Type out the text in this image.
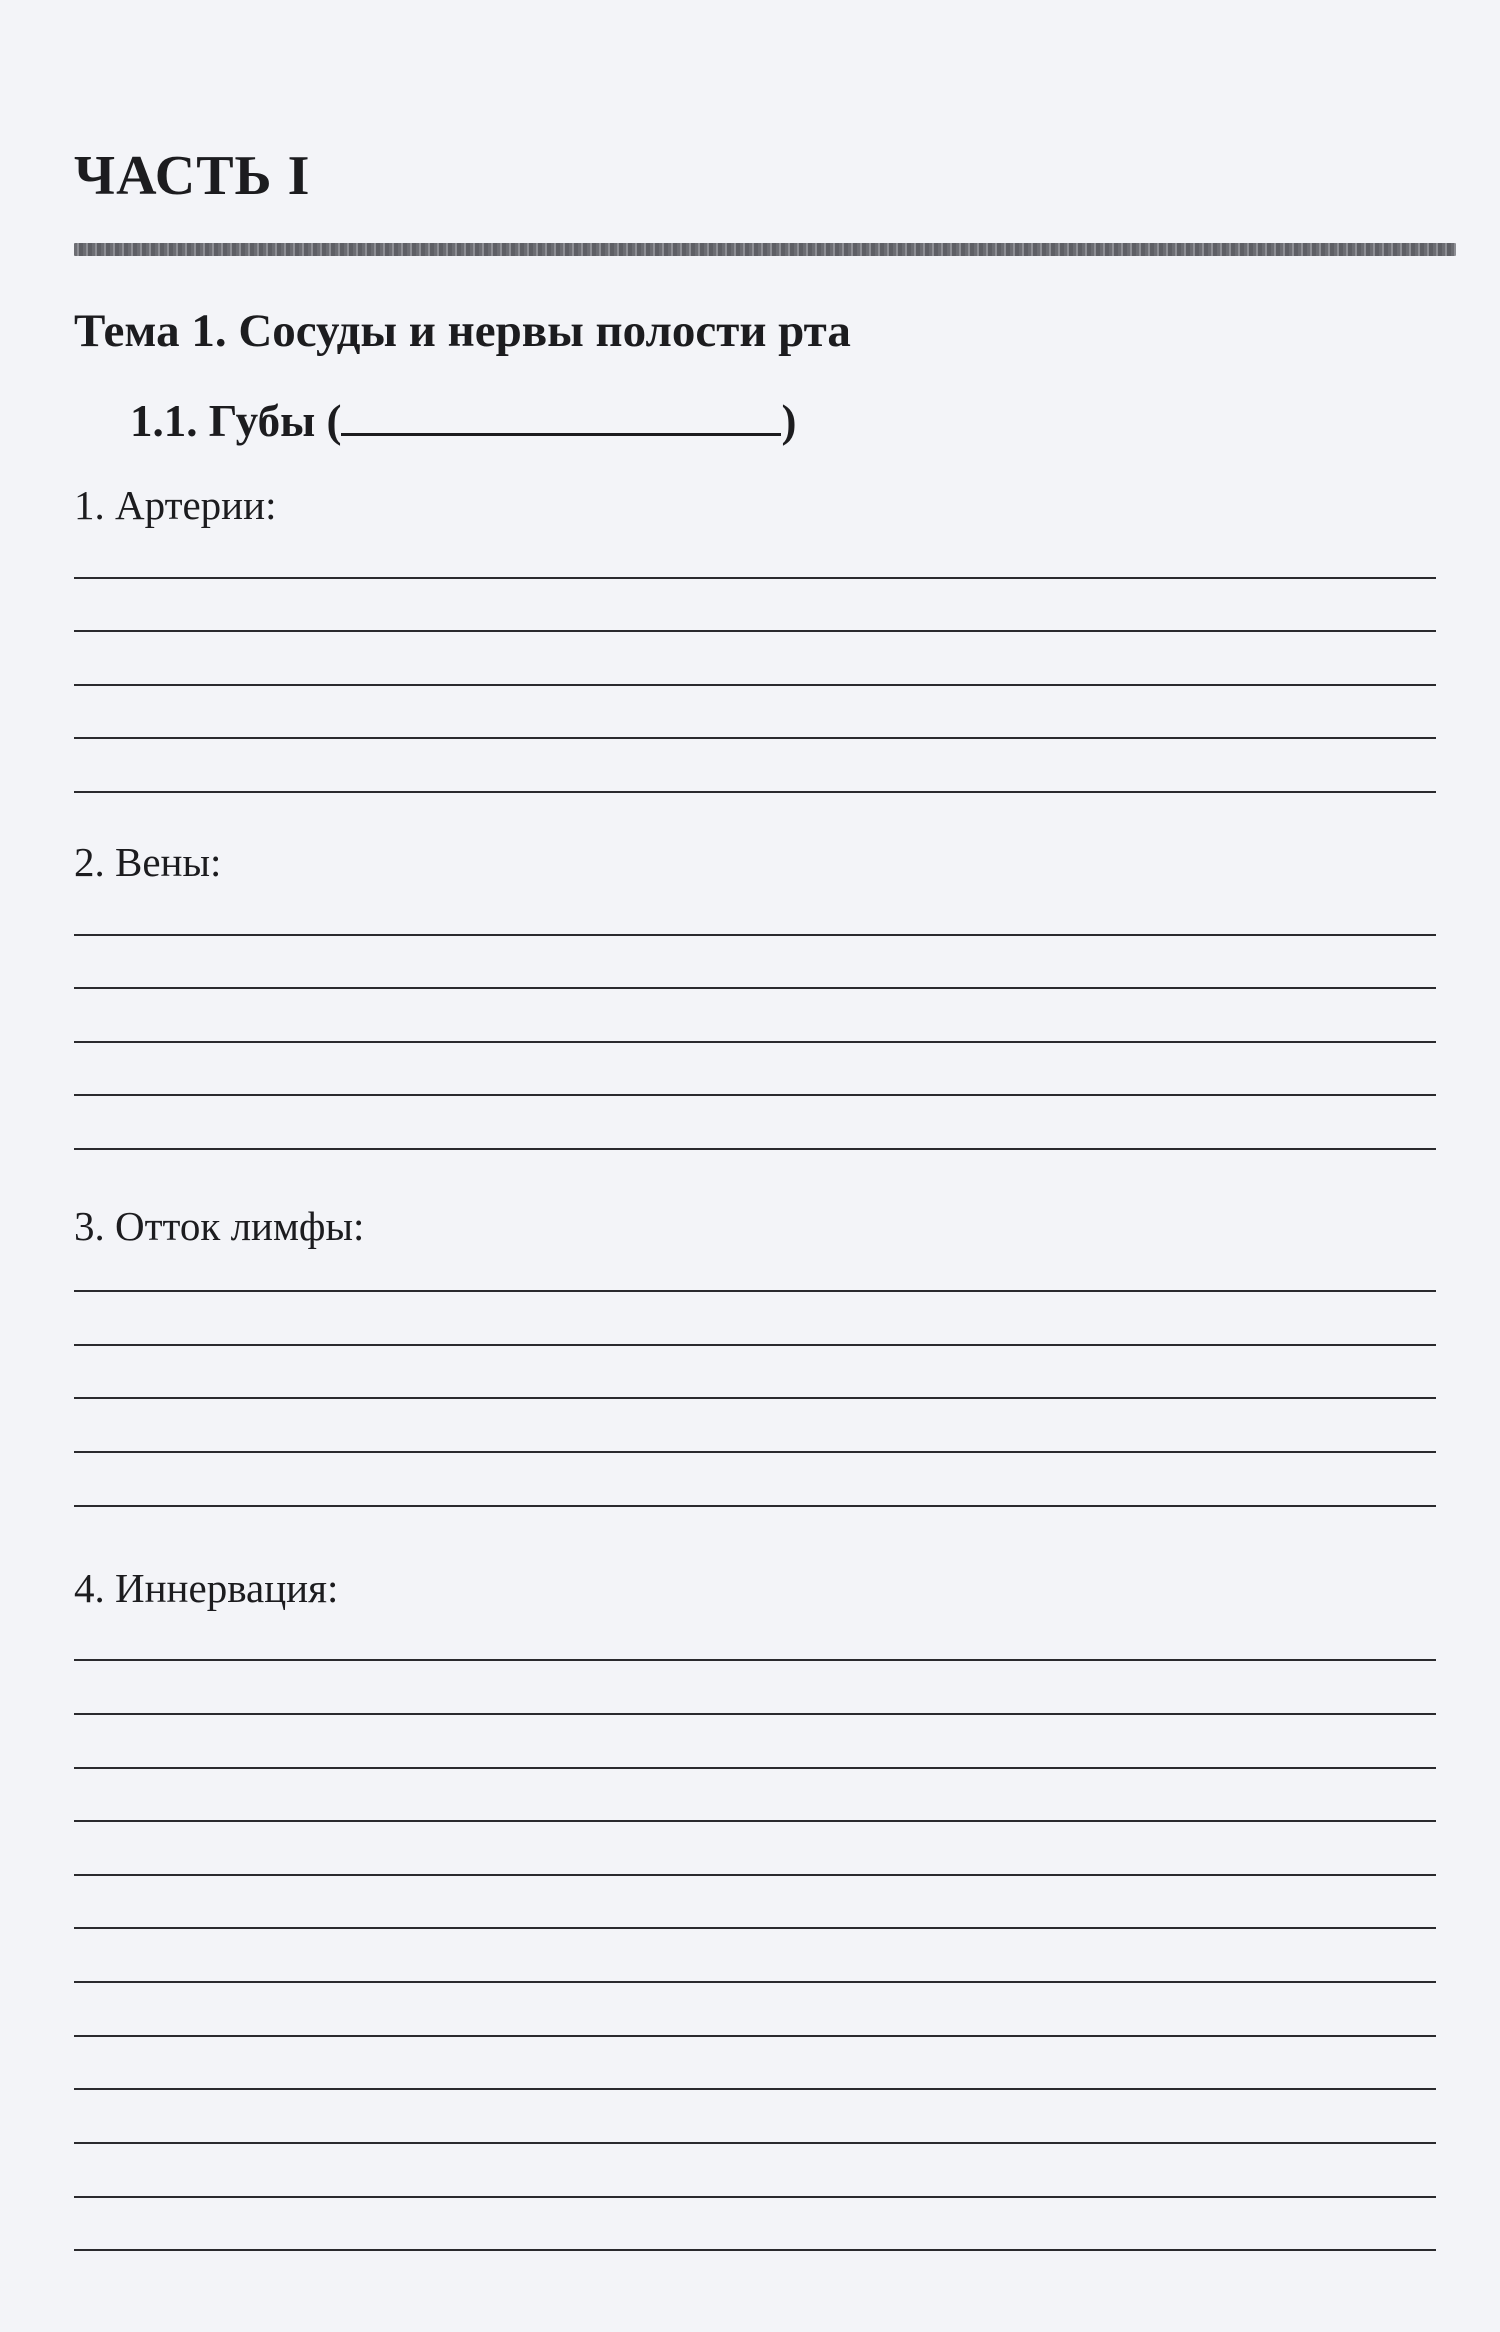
ЧАСТЬ I
Тема 1. Сосуды и нервы полости рта
1.1. Губы (	)

1. Артерии:

2. Вены:

3. Отток лимфы:

4. Иннервация:
